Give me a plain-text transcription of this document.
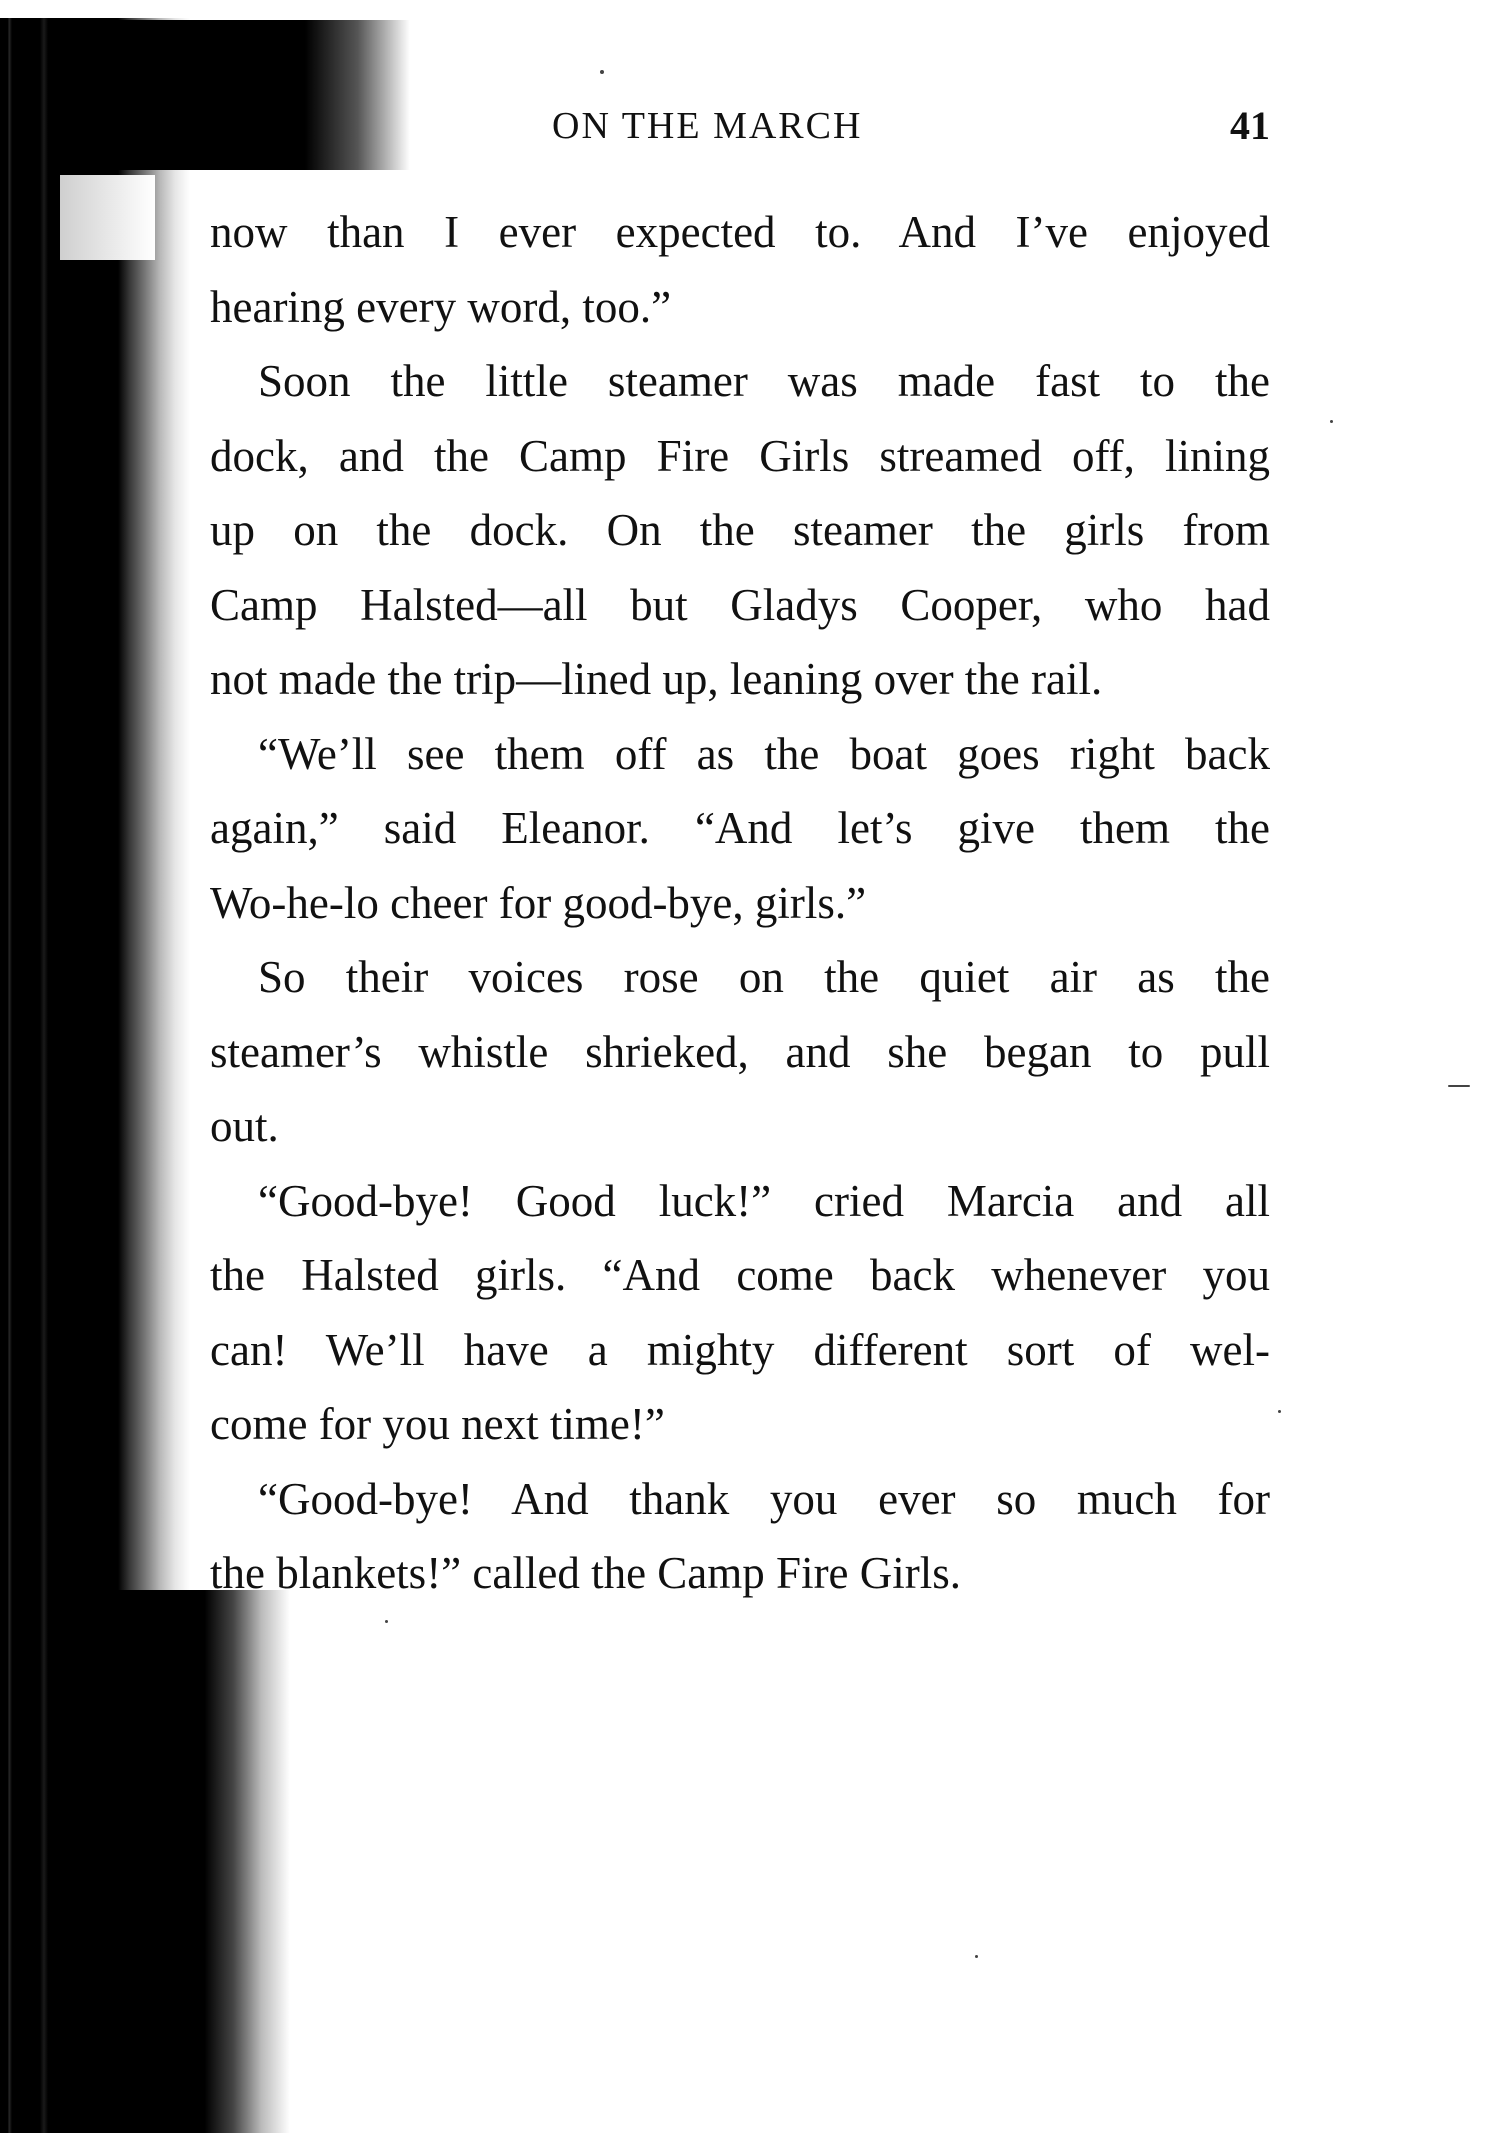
ON THE MARCH	41
now than I ever expected to. And I’ve enjoyed
hearing every word, too.”
Soon the little steamer was made fast to the
dock, and the Camp Fire Girls streamed off, lining
up on the dock. On the steamer the girls from
Camp Halsted—all but Gladys Cooper, who had
not made the trip—lined up, leaning over the rail.
“We’ll see them off as the boat goes right back
again,” said Eleanor. “And let’s give them the
Wo-he-lo cheer for good-bye, girls.”
So their voices rose on the quiet air as the
steamer’s whistle shrieked, and she began to pull
out.
“Good-bye! Good luck!” cried Marcia and all
the Halsted girls. “And come back whenever you
can! We’ll have a mighty different sort of wel-
come for you next time!”
“Good-bye! And thank you ever so much for
the blankets!” called the Camp Fire Girls.
